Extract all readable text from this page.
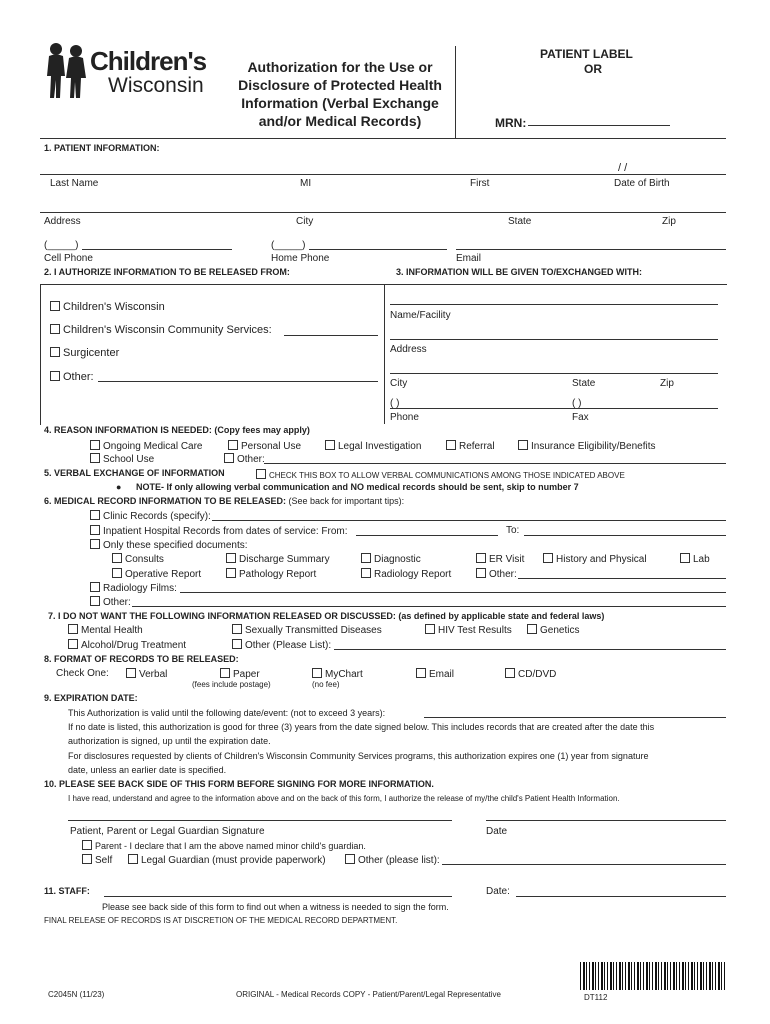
Children's
Wisconsin
Authorization for the Use or
Disclosure of Protected Health
Information (Verbal Exchange
and/or Medical Records)
PATIENT LABEL
OR
MRN:
1. PATIENT INFORMATION:
/ /
Last Name	MI	First	Date of Birth
Address	City	State	Zip
(_____)	(_____)
Cell Phone	Home Phone	Email
2. I AUTHORIZE INFORMATION TO BE RELEASED FROM:	3. INFORMATION WILL BE GIVEN TO/EXCHANGED WITH:
Children's Wisconsin
Children's Wisconsin Community Services:
Surgicenter
Other:
Name/Facility
Address
City	State	Zip
( )	( )
Phone	Fax
4. REASON INFORMATION IS NEEDED: (Copy fees may apply)
Ongoing Medical Care	Personal Use	Legal Investigation	Referral	Insurance Eligibility/Benefits
School Use	Other:
5. VERBAL EXCHANGE OF INFORMATION	CHECK THIS BOX TO ALLOW VERBAL COMMUNICATIONS AMONG THOSE INDICATED ABOVE
● NOTE- If only allowing verbal communication and NO medical records should be sent, skip to number 7
6. MEDICAL RECORD INFORMATION TO BE RELEASED: (See back for important tips):
Clinic Records (specify):
Inpatient Hospital Records from dates of service: From:	To:
Only these specified documents:
Consults	Discharge Summary	Diagnostic	ER Visit	History and Physical	Lab
Operative Report	Pathology Report	Radiology Report	Other:
Radiology Films:
Other:
7. I DO NOT WANT THE FOLLOWING INFORMATION RELEASED OR DISCUSSED: (as defined by applicable state and federal laws)
Mental Health	Sexually Transmitted Diseases	HIV Test Results	Genetics
Alcohol/Drug Treatment	Other (Please List):
8. FORMAT OF RECORDS TO BE RELEASED:
Check One:	Verbal	Paper	MyChart	Email	CD/DVD
(fees include postage)	(no fee)
9. EXPIRATION DATE:
This Authorization is valid until the following date/event: (not to exceed 3 years):
If no date is listed, this authorization is good for three (3) years from the date signed below. This includes records that are created after the date this
authorization is signed, up until the expiration date.
For disclosures requested by clients of Children's Wisconsin Community Services programs, this authorization expires one (1) year from signature
date, unless an earlier date is specified.
10. PLEASE SEE BACK SIDE OF THIS FORM BEFORE SIGNING FOR MORE INFORMATION.
I have read, understand and agree to the information above and on the back of this form, I authorize the release of my/the child's Patient Health Information.
Patient, Parent or Legal Guardian Signature	Date
Parent - I declare that I am the above named minor child's guardian.
Self	Legal Guardian (must provide paperwork)	Other (please list):
11. STAFF:	Date:
Please see back side of this form to find out when a witness is needed to sign the form.
FINAL RELEASE OF RECORDS IS AT DISCRETION OF THE MEDICAL RECORD DEPARTMENT.
C2045N (11/23)	ORIGINAL - Medical Records COPY - Patient/Parent/Legal Representative	DT112
